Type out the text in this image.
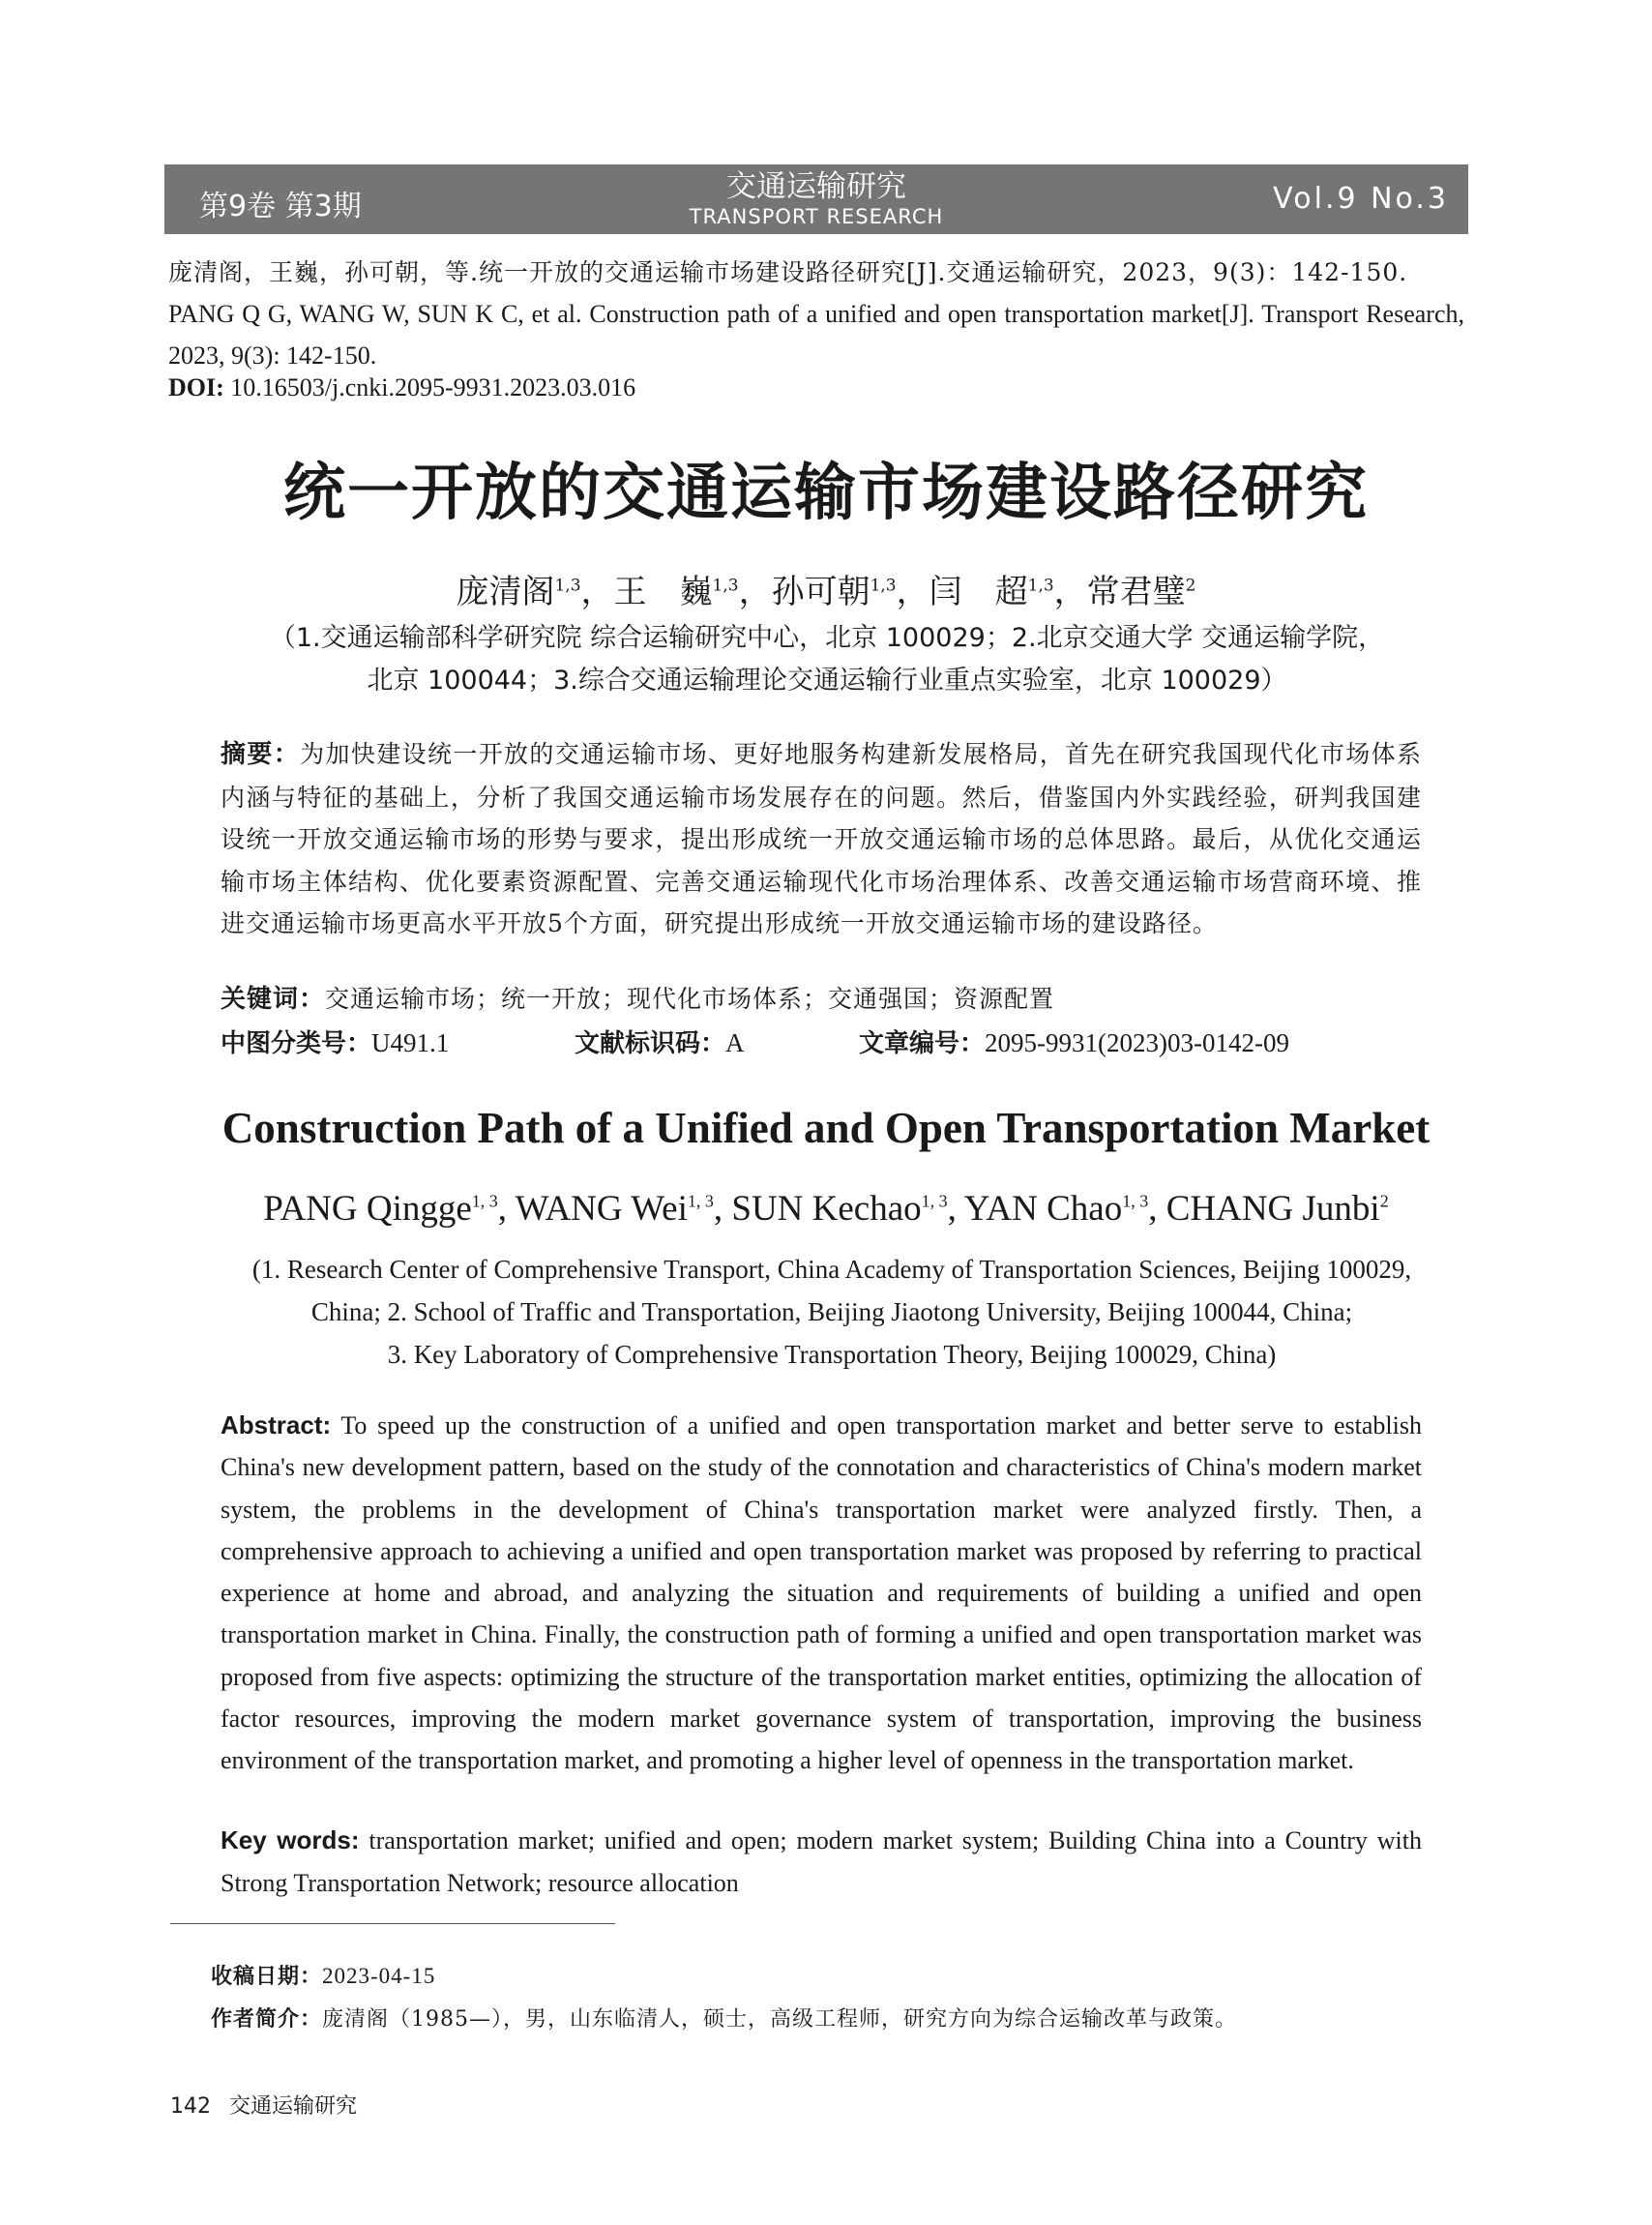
第9卷 第3期
交通运输研究
TRANSPORT RESEARCH
Vol.9 No.3
庞清阁，王巍，孙可朝，等.统一开放的交通运输市场建设路径研究[J].交通运输研究，2023，9(3)：142-150.
PANG Q G, WANG W, SUN K C, et al. Construction path of a unified and open transportation market[J]. Transport Research, 2023, 9(3): 142-150.
DOI: 10.16503/j.cnki.2095-9931.2023.03.016
统一开放的交通运输市场建设路径研究
庞清阁$^{1,3}$，王　巍$^{1,3}$，孙可朝$^{1,3}$，闫　超$^{1,3}$，常君璧$^2$
（1.交通运输部科学研究院 综合运输研究中心，北京 100029；2.北京交通大学 交通运输学院，
北京 100044；3.综合交通运输理论交通运输行业重点实验室，北京 100029）
摘要：为加快建设统一开放的交通运输市场、更好地服务构建新发展格局，首先在研究我国现代化市场体系内涵与特征的基础上，分析了我国交通运输市场发展存在的问题。然后，借鉴国内外实践经验，研判我国建设统一开放交通运输市场的形势与要求，提出形成统一开放交通运输市场的总体思路。最后，从优化交通运输市场主体结构、优化要素资源配置、完善交通运输现代化市场治理体系、改善交通运输市场营商环境、推进交通运输市场更高水平开放5个方面，研究提出形成统一开放交通运输市场的建设路径。
关键词：交通运输市场；统一开放；现代化市场体系；交通强国；资源配置
中图分类号：U491.1	文献标识码：A	文章编号：2095-9931(2023)03-0142-09
Construction Path of a Unified and Open Transportation Market
PANG Qingge$^{1, 3}$, WANG Wei$^{1, 3}$, SUN Kechao$^{1, 3}$, YAN Chao$^{1, 3}$, CHANG Junbi$^2$
(1. Research Center of Comprehensive Transport, China Academy of Transportation Sciences, Beijing 100029,
China; 2. School of Traffic and Transportation, Beijing Jiaotong University, Beijing 100044, China;
3. Key Laboratory of Comprehensive Transportation Theory, Beijing 100029, China)
Abstract: To speed up the construction of a unified and open transportation market and better serve to establish China's new development pattern, based on the study of the connotation and characteristics of China's modern market system, the problems in the development of China's transportation market were analyzed firstly. Then, a comprehensive approach to achieving a unified and open transportation market was proposed by referring to practical experience at home and abroad, and analyzing the situation and requirements of building a unified and open transportation market in China. Finally, the construction path of forming a unified and open transportation market was proposed from five aspects: optimizing the structure of the transportation market entities, optimizing the allocation of factor resources, improving the modern market governance system of transportation, improving the business environment of the transportation market, and promoting a higher level of openness in the transportation market.
Key words: transportation market; unified and open; modern market system; Building China into a Country with Strong Transportation Network; resource allocation
收稿日期：2023-04-15
作者简介：庞清阁（1985—），男，山东临清人，硕士，高级工程师，研究方向为综合运输改革与政策。
142 交通运输研究
